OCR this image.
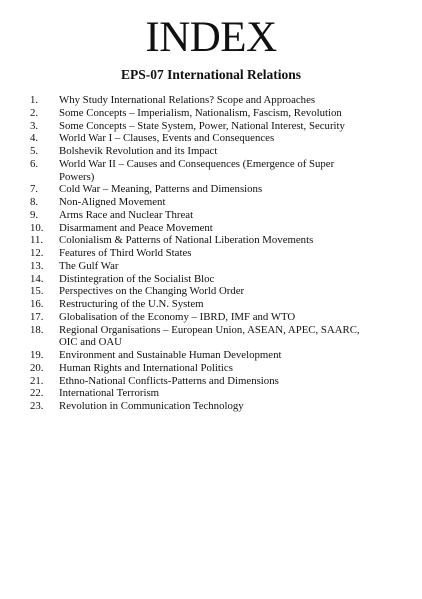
INDEX
EPS-07 International Relations
1.	Why Study International Relations? Scope and Approaches
2.	Some Concepts – Imperialism, Nationalism, Fascism, Revolution
3.	Some Concepts – State System, Power, National Interest, Security
4.	World War I – Clauses, Events and Consequences
5.	Bolshevik Revolution and its Impact
6.	World War II – Causes and Consequences (Emergence of Super
Powers)
7.	Cold War – Meaning, Patterns and Dimensions
8.	Non-Aligned Movement
9.	Arms Race and Nuclear Threat
10.	Disarmament and Peace Movement
11.	Colonialism & Patterns of National Liberation Movements
12.	Features of Third World States
13.	The Gulf War
14.	Distintegration of the Socialist Bloc
15.	Perspectives on the Changing World Order
16.	Restructuring of the U.N. System
17.	Globalisation of the Economy – IBRD, IMF and WTO
18.	Regional Organisations – European Union, ASEAN, APEC, SAARC,
OIC and OAU
19.	Environment and Sustainable Human Development
20.	Human Rights and International Politics
21.	Ethno-National Conflicts-Patterns and Dimensions
22.	International Terrorism
23.	Revolution in Communication Technology
